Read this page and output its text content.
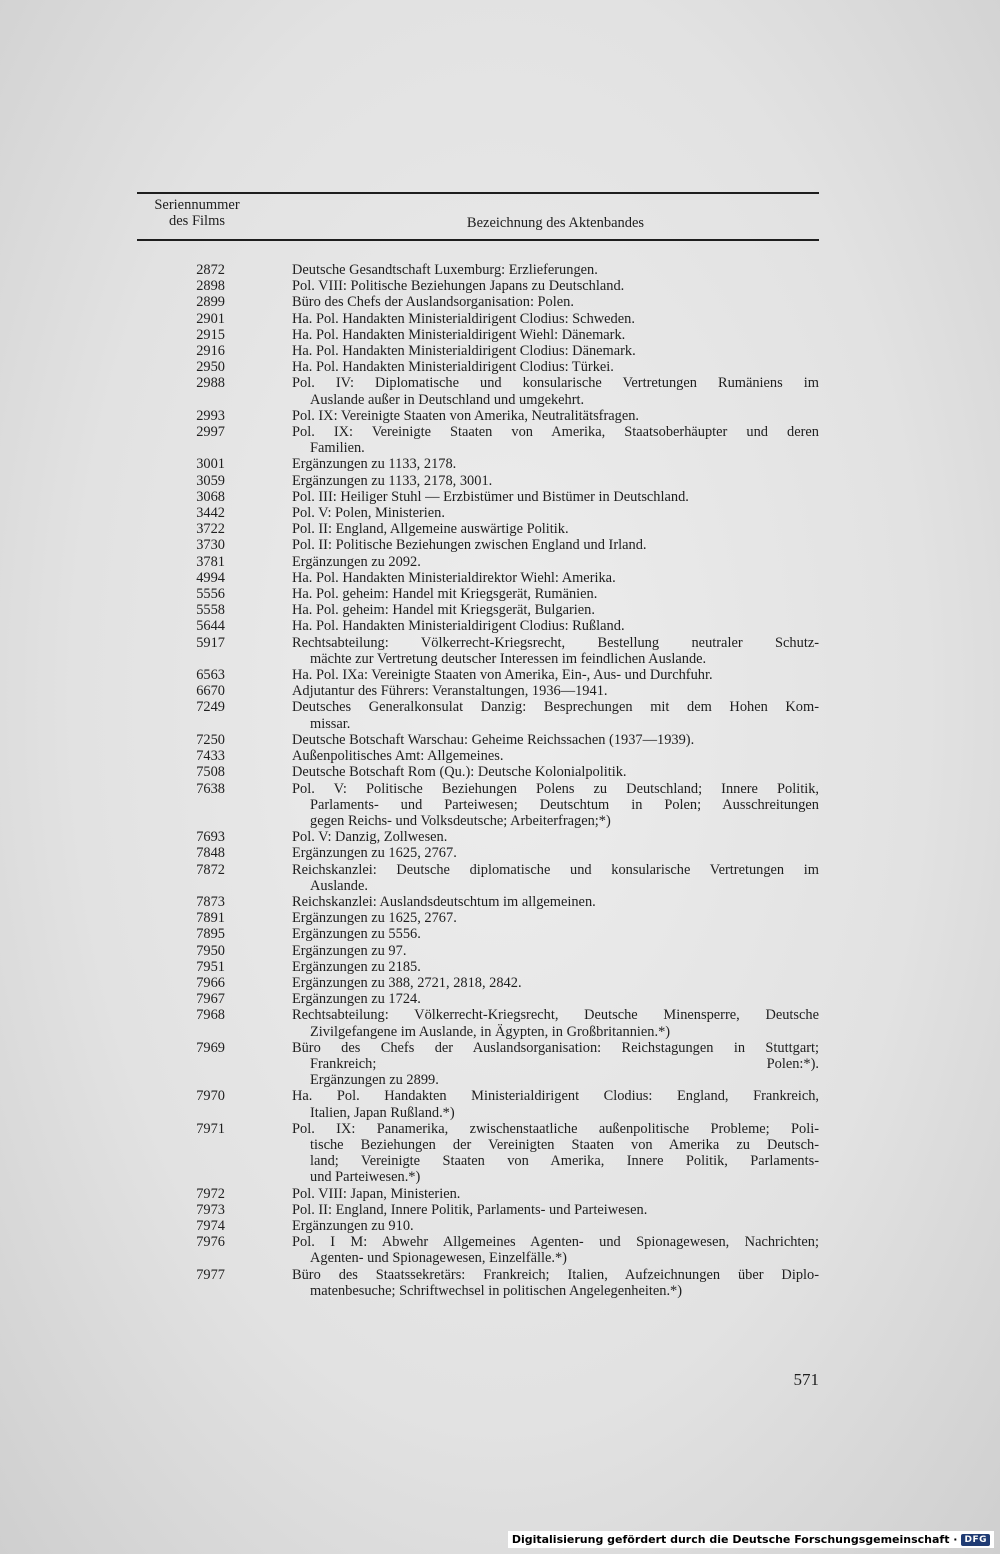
Seriennummer
des Films	Bezeichnung des Aktenbandes
2872	Deutsche Gesandtschaft Luxemburg: Erzlieferungen.
2898	Pol. VIII: Politische Beziehungen Japans zu Deutschland.
2899	Büro des Chefs der Auslandsorganisation: Polen.
2901	Ha. Pol. Handakten Ministerialdirigent Clodius: Schweden.
2915	Ha. Pol. Handakten Ministerialdirigent Wiehl: Dänemark.
2916	Ha. Pol. Handakten Ministerialdirigent Clodius: Dänemark.
2950	Ha. Pol. Handakten Ministerialdirigent Clodius: Türkei.
2988	Pol. IV: Diplomatische und konsularische Vertretungen Rumäniens im
Auslande außer in Deutschland und umgekehrt.
2993	Pol. IX: Vereinigte Staaten von Amerika, Neutralitätsfragen.
2997	Pol. IX: Vereinigte Staaten von Amerika, Staatsoberhäupter und deren
Familien.
3001	Ergänzungen zu 1133, 2178.
3059	Ergänzungen zu 1133, 2178, 3001.
3068	Pol. III: Heiliger Stuhl — Erzbistümer und Bistümer in Deutschland.
3442	Pol. V: Polen, Ministerien.
3722	Pol. II: England, Allgemeine auswärtige Politik.
3730	Pol. II: Politische Beziehungen zwischen England und Irland.
3781	Ergänzungen zu 2092.
4994	Ha. Pol. Handakten Ministerialdirektor Wiehl: Amerika.
5556	Ha. Pol. geheim: Handel mit Kriegsgerät, Rumänien.
5558	Ha. Pol. geheim: Handel mit Kriegsgerät, Bulgarien.
5644	Ha. Pol. Handakten Ministerialdirigent Clodius: Rußland.
5917	Rechtsabteilung: Völkerrecht-Kriegsrecht, Bestellung neutraler Schutz-
mächte zur Vertretung deutscher Interessen im feindlichen Auslande.
6563	Ha. Pol. IXa: Vereinigte Staaten von Amerika, Ein-, Aus- und Durchfuhr.
6670	Adjutantur des Führers: Veranstaltungen, 1936—1941.
7249	Deutsches Generalkonsulat Danzig: Besprechungen mit dem Hohen Kom-
missar.
7250	Deutsche Botschaft Warschau: Geheime Reichssachen (1937—1939).
7433	Außenpolitisches Amt: Allgemeines.
7508	Deutsche Botschaft Rom (Qu.): Deutsche Kolonialpolitik.
7638	Pol. V: Politische Beziehungen Polens zu Deutschland; Innere Politik,
Parlaments- und Parteiwesen; Deutschtum in Polen; Ausschreitungen
gegen Reichs- und Volksdeutsche; Arbeiterfragen;*)
7693	Pol. V: Danzig, Zollwesen.
7848	Ergänzungen zu 1625, 2767.
7872	Reichskanzlei: Deutsche diplomatische und konsularische Vertretungen im
Auslande.
7873	Reichskanzlei: Auslandsdeutschtum im allgemeinen.
7891	Ergänzungen zu 1625, 2767.
7895	Ergänzungen zu 5556.
7950	Ergänzungen zu 97.
7951	Ergänzungen zu 2185.
7966	Ergänzungen zu 388, 2721, 2818, 2842.
7967	Ergänzungen zu 1724.
7968	Rechtsabteilung: Völkerrecht-Kriegsrecht, Deutsche Minensperre, Deutsche
Zivilgefangene im Auslande, in Ägypten, in Großbritannien.*)
7969	Büro des Chefs der Auslandsorganisation: Reichstagungen in Stuttgart;
Frankreich; Polen:*).
Ergänzungen zu 2899.
7970	Ha. Pol. Handakten Ministerialdirigent Clodius: England, Frankreich,
Italien, Japan Rußland.*)
7971	Pol. IX: Panamerika, zwischenstaatliche außenpolitische Probleme; Poli-
tische Beziehungen der Vereinigten Staaten von Amerika zu Deutsch-
land; Vereinigte Staaten von Amerika, Innere Politik, Parlaments-
und Parteiwesen.*)
7972	Pol. VIII: Japan, Ministerien.
7973	Pol. II: England, Innere Politik, Parlaments- und Parteiwesen.
7974	Ergänzungen zu 910.
7976	Pol. I M: Abwehr Allgemeines Agenten- und Spionagewesen, Nachrichten;
Agenten- und Spionagewesen, Einzelfälle.*)
7977	Büro des Staatssekretärs: Frankreich; Italien, Aufzeichnungen über Diplo-
matenbesuche; Schriftwechsel in politischen Angelegenheiten.*)
571
Digitalisierung gefördert durch die Deutsche Forschungsgemeinschaft · DFG
